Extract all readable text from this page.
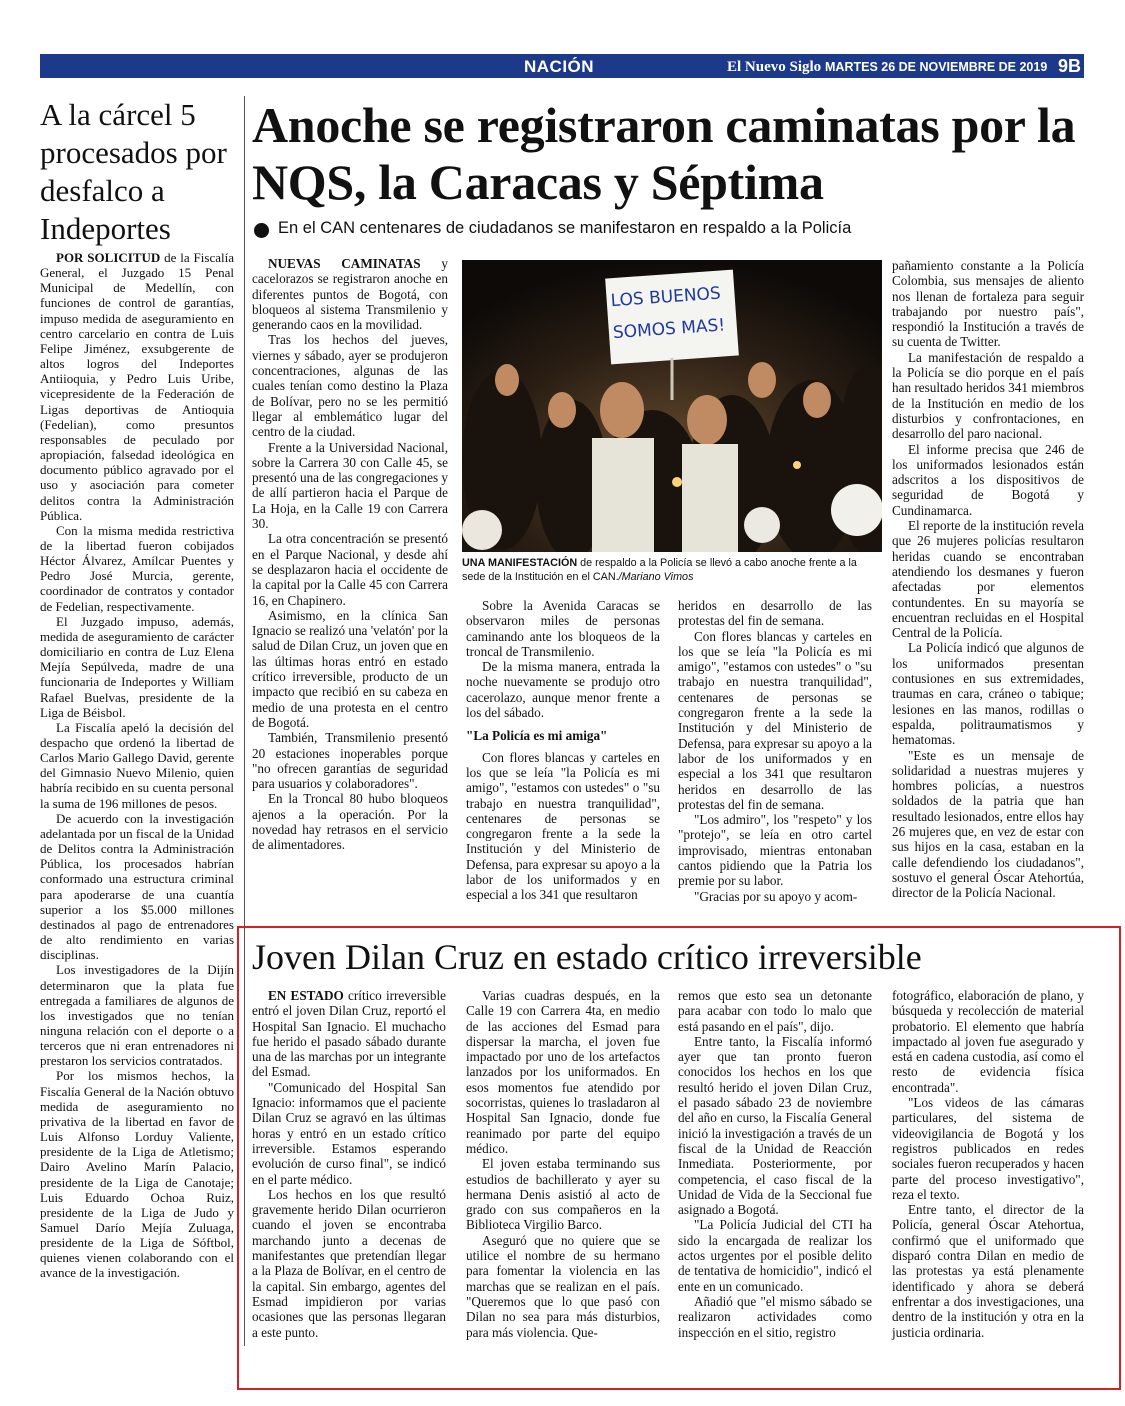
NACIÓN	El Nuevo Siglo MARTES 26 DE NOVIEMBRE DE 2019 9B
A la cárcel 5 procesados por desfalco a Indeportes

POR SOLICITUD de la Fiscalía General, el Juzgado 15 Penal Municipal de Medellín, con funciones de control de garantías, impuso medida de aseguramiento en centro carcelario en contra de Luis Felipe Jiménez, exsubgerente de altos logros del Indeportes Antiioquia, y Pedro Luis Uribe, vicepresidente de la Federación de Ligas deportivas de Antioquia (Fedelian), como presuntos responsables de peculado por apropiación, falsedad ideológica en documento público agravado por el uso y asociación para cometer delitos contra la Administración Pública.

Con la misma medida restrictiva de la libertad fueron cobijados Héctor Álvarez, Amílcar Puentes y Pedro José Murcia, gerente, coordinador de contratos y contador de Fedelian, respectivamente.

El Juzgado impuso, además, medida de aseguramiento de carácter domiciliario en contra de Luz Elena Mejía Sepúlveda, madre de una funcionaria de Indeportes y William Rafael Buelvas, presidente de la Liga de Béisbol.

La Fiscalía apeló la decisión del despacho que ordenó la libertad de Carlos Mario Gallego David, gerente del Gimnasio Nuevo Milenio, quien habría recibido en su cuenta personal la suma de 196 millones de pesos.

De acuerdo con la investigación adelantada por un fiscal de la Unidad de Delitos contra la Administración Pública, los procesados habrían conformado una estructura criminal para apoderarse de una cuantía superior a los $5.000 millones destinados al pago de entrenadores de alto rendimiento en varias disciplinas.

Los investigadores de la Dijín determinaron que la plata fue entregada a familiares de algunos de los investigados que no tenían ninguna relación con el deporte o a terceros que ni eran entrenadores ni prestaron los servicios contratados.

Por los mismos hechos, la Fiscalía General de la Nación obtuvo medida de aseguramiento no privativa de la libertad en favor de Luis Alfonso Lorduy Valiente, presidente de la Liga de Atletismo; Dairo Avelino Marín Palacio, presidente de la Liga de Canotaje; Luis Eduardo Ochoa Ruiz, presidente de la Liga de Judo y Samuel Darío Mejía Zuluaga, presidente de la Liga de Sóftbol, quienes vienen colaborando con el avance de la investigación.

Anoche se registraron caminatas por la NQS, la Caracas y Séptima
En el CAN centenares de ciudadanos se manifestaron en respaldo a la Policía

NUEVAS CAMINATAS y cacelorazos se registraron anoche en diferentes puntos de Bogotá, con bloqueos al sistema Transmilenio y generando caos en la movilidad.

Tras los hechos del jueves, viernes y sábado, ayer se produjeron concentraciones, algunas de las cuales tenían como destino la Plaza de Bolívar, pero no se les permitió llegar al emblemático lugar del centro de la ciudad.

Frente a la Universidad Nacional, sobre la Carrera 30 con Calle 45, se presentó una de las congregaciones y de allí partieron hacia el Parque de La Hoja, en la Calle 19 con Carrera 30.

La otra concentración se presentó en el Parque Nacional, y desde ahí se desplazaron hacia el occidente de la capital por la Calle 45 con Carrera 16, en Chapinero.

Asimismo, en la clínica San Ignacio se realizó una 'velatón' por la salud de Dilan Cruz, un joven que en las últimas horas entró en estado crítico irreversible, producto de un impacto que recibió en su cabeza en medio de una protesta en el centro de Bogotá.

También, Transmilenio presentó 20 estaciones inoperables porque "no ofrecen garantías de seguridad para usuarios y colaboradores".

En la Troncal 80 hubo bloqueos ajenos a la operación. Por la novedad hay retrasos en el servicio de alimentadores.

LOS BUENOS
SOMOS MAS!
UNA MANIFESTACIÓN de respaldo a la Policía se llevó a cabo anoche frente a la sede de la Institución en el CAN./Mariano Vimos

Sobre la Avenida Caracas se observaron miles de personas caminando ante los bloqueos de la troncal de Transmilenio.

De la misma manera, entrada la noche nuevamente se produjo otro cacerolazo, aunque menor frente a los del sábado.

"La Policía es mi amiga"

Con flores blancas y carteles en los que se leía "la Policía es mi amigo", "estamos con ustedes" o "su trabajo en nuestra tranquilidad", centenares de personas se congregaron frente a la sede la Institución y del Ministerio de Defensa, para expresar su apoyo a la labor de los uniformados y en especial a los 341 que resultaron

heridos en desarrollo de las protestas del fin de semana.

Con flores blancas y carteles en los que se leía "la Policía es mi amigo", "estamos con ustedes" o "su trabajo en nuestra tranquilidad", centenares de personas se congregaron frente a la sede la Institución y del Ministerio de Defensa, para expresar su apoyo a la labor de los uniformados y en especial a los 341 que resultaron heridos en desarrollo de las protestas del fin de semana.

"Los admiro", los "respeto" y los "protejo", se leía en otro cartel improvisado, mientras entonaban cantos pidiendo que la Patria los premie por su labor.

"Gracias por su apoyo y acom-

pañamiento constante a la Policía Colombia, sus mensajes de aliento nos llenan de fortaleza para seguir trabajando por nuestro país", respondió la Institución a través de su cuenta de Twitter.

La manifestación de respaldo a la Policía se dio porque en el país han resultado heridos 341 miembros de la Institución en medio de los disturbios y confrontaciones, en desarrollo del paro nacional.

El informe precisa que 246 de los uniformados lesionados están adscritos a los dispositivos de seguridad de Bogotá y Cundinamarca.

El reporte de la institución revela que 26 mujeres policías resultaron heridas cuando se encontraban atendiendo los desmanes y fueron afectadas por elementos contundentes. En su mayoría se encuentran recluidas en el Hospital Central de la Policía.

La Policía indicó que algunos de los uniformados presentan contusiones en sus extremidades, traumas en cara, cráneo o tabique; lesiones en las manos, rodillas o espalda, politraumatismos y hematomas.

"Este es un mensaje de solidaridad a nuestras mujeres y hombres policías, a nuestros soldados de la patria que han resultado lesionados, entre ellos hay 26 mujeres que, en vez de estar con sus hijos en la casa, estaban en la calle defendiendo los ciudadanos", sostuvo el general Óscar Atehortúa, director de la Policía Nacional.

Joven Dilan Cruz en estado crítico irreversible

EN ESTADO crítico irreversible entró el joven Dilan Cruz, reportó el Hospital San Ignacio. El muchacho fue herido el pasado sábado durante una de las marchas por un integrante del Esmad.

"Comunicado del Hospital San Ignacio: informamos que el paciente Dilan Cruz se agravó en las últimas horas y entró en un estado crítico irreversible. Estamos esperando evolución de curso final", se indicó en el parte médico.

Los hechos en los que resultó gravemente herido Dilan ocurrieron cuando el joven se encontraba marchando junto a decenas de manifestantes que pretendían llegar a la Plaza de Bolívar, en el centro de la capital. Sin embargo, agentes del Esmad impidieron por varias ocasiones que las personas llegaran a este punto.

Varias cuadras después, en la Calle 19 con Carrera 4ta, en medio de las acciones del Esmad para dispersar la marcha, el joven fue impactado por uno de los artefactos lanzados por los uniformados. En esos momentos fue atendido por socorristas, quienes lo trasladaron al Hospital San Ignacio, donde fue reanimado por parte del equipo médico.

El joven estaba terminando sus estudios de bachillerato y ayer su hermana Denis asistió al acto de grado con sus compañeros en la Biblioteca Virgilio Barco.

Aseguró que no quiere que se utilice el nombre de su hermano para fomentar la violencia en las marchas que se realizan en el país. "Queremos que lo que pasó con Dilan no sea para más disturbios, para más violencia. Que-

remos que esto sea un detonante para acabar con todo lo malo que está pasando en el país", dijo.

Entre tanto, la Fiscalía informó ayer que tan pronto fueron conocidos los hechos en los que resultó herido el joven Dilan Cruz, el pasado sábado 23 de noviembre del año en curso, la Fiscalía General inició la investigación a través de un fiscal de la Unidad de Reacción Inmediata. Posteriormente, por competencia, el caso fiscal de la Unidad de Vida de la Seccional fue asignado a Bogotá.

"La Policía Judicial del CTI ha sido la encargada de realizar los actos urgentes por el posible delito de tentativa de homicidio", indicó el ente en un comunicado.

Añadió que "el mismo sábado se realizaron actividades como inspección en el sitio, registro

fotográfico, elaboración de plano, y búsqueda y recolección de material probatorio. El elemento que habría impactado al joven fue asegurado y está en cadena custodia, así como el resto de evidencia física encontrada".

"Los videos de las cámaras particulares, del sistema de videovigilancia de Bogotá y los registros publicados en redes sociales fueron recuperados y hacen parte del proceso investigativo", reza el texto.

Entre tanto, el director de la Policía, general Óscar Atehortua, confirmó que el uniformado que disparó contra Dilan en medio de las protestas ya está plenamente identificado y ahora se deberá enfrentar a dos investigaciones, una dentro de la institución y otra en la justicia ordinaria.
